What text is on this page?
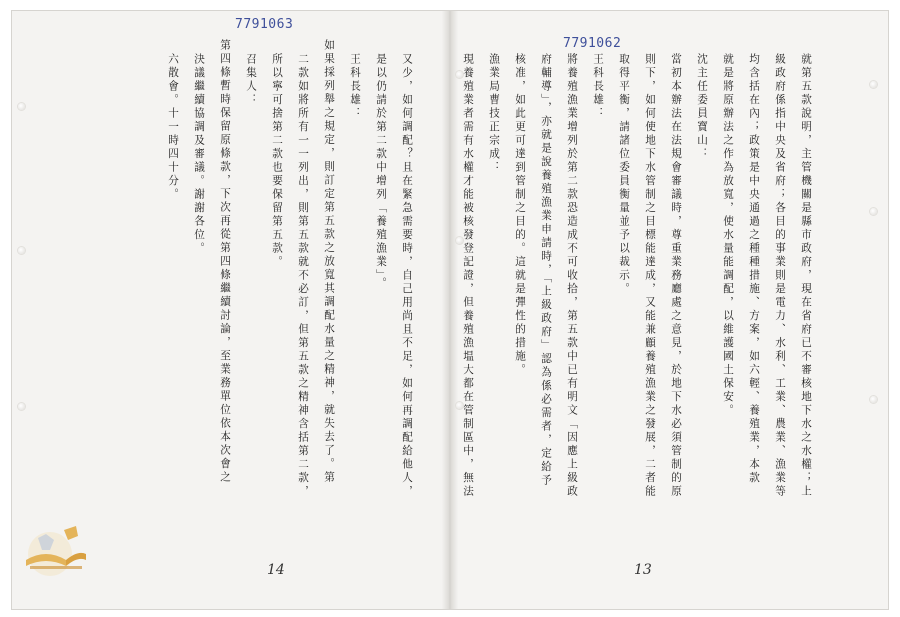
7791063
7791062
又少，如何調配？且在緊急需要時，自己用尚且不足，如何再調配給他人，
是以仍請於第二款中增列「養殖漁業」。
王科長雄：
如果採列舉之規定，則訂定第五款之放寬其調配水量之精神，就失去了。第
二款如將所有一一列出，則第五款就不必訂，但第五款之精神含括第二款，
所以寧可捨第二款也要保留第五款。
召集人：
第四條暫時保留原條款，下次再從第四條繼續討論，至業務單位依本次會之
決議繼續協調及審議。謝謝各位。
六散會。十一時四十分。
14
就第五款說明，主管機關是縣市政府，現在省府已不審核地下水之水權；上
級政府係指中央及省府；各目的事業則是電力、水利、工業、農業、漁業等
均含括在內；政策是中央通過之種種措施、方案，如六輕、養殖業，本款
就是將原辦法之作為放寬，使水量能調配，以維護國土保安。
沈主任委員寶山：
當初本辦法在法規會審議時，尊重業務廳處之意見，於地下水必須管制的原
則下，如何使地下水管制之目標能達成，又能兼顧養殖漁業之發展，二者能
取得平衡，請諸位委員衡量並予以裁示。
王科長雄：
將養殖漁業增列於第二款恐造成不可收拾，第五款中已有明文「因應上級政
府輔導」，亦就是說養殖漁業申請時，「上級政府」認為係必需者，定給予
核准，如此更可達到管制之目的。這就是彈性的措施。
漁業局曹技正宗成：
現養殖業者需有水權才能被核發登記證，但養殖漁塭大都在管制區中，無法
13
